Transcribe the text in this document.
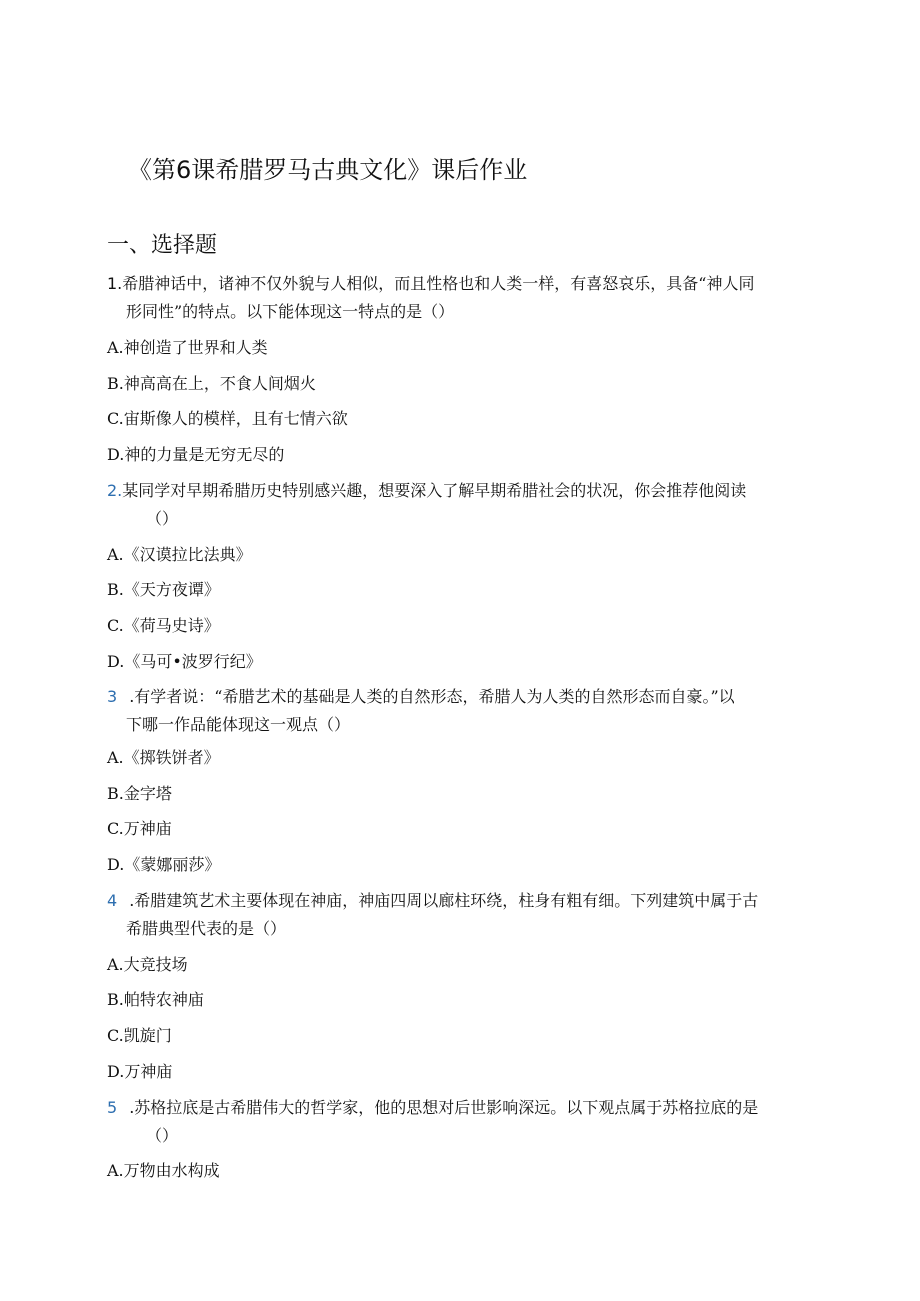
《第6课希腊罗马古典文化》课后作业
一、选择题
1.希腊神话中，诸神不仅外貌与人相似，而且性格也和人类一样，有喜怒哀乐，具备“神人同
形同性”的特点。以下能体现这一特点的是（）
A.神创造了世界和人类
B.神高高在上，不食人间烟火
C.宙斯像人的模样，且有七情六欲
D.神的力量是无穷无尽的
2.某同学对早期希腊历史特别感兴趣，想要深入了解早期希腊社会的状况，你会推荐他阅读
（）
A.《汉谟拉比法典》
B.《天方夜谭》
C.《荷马史诗》
D.《马可•波罗行纪》
3 .有学者说：“希腊艺术的基础是人类的自然形态，希腊人为人类的自然形态而自豪。”以
下哪一作品能体现这一观点（）
A.《掷铁饼者》
B.金字塔
C.万神庙
D.《蒙娜丽莎》
4 .希腊建筑艺术主要体现在神庙，神庙四周以廊柱环绕，柱身有粗有细。下列建筑中属于古
希腊典型代表的是（）
A.大竞技场
B.帕特农神庙
C.凯旋门
D.万神庙
5 .苏格拉底是古希腊伟大的哲学家，他的思想对后世影响深远。以下观点属于苏格拉底的是
（）
A.万物由水构成
